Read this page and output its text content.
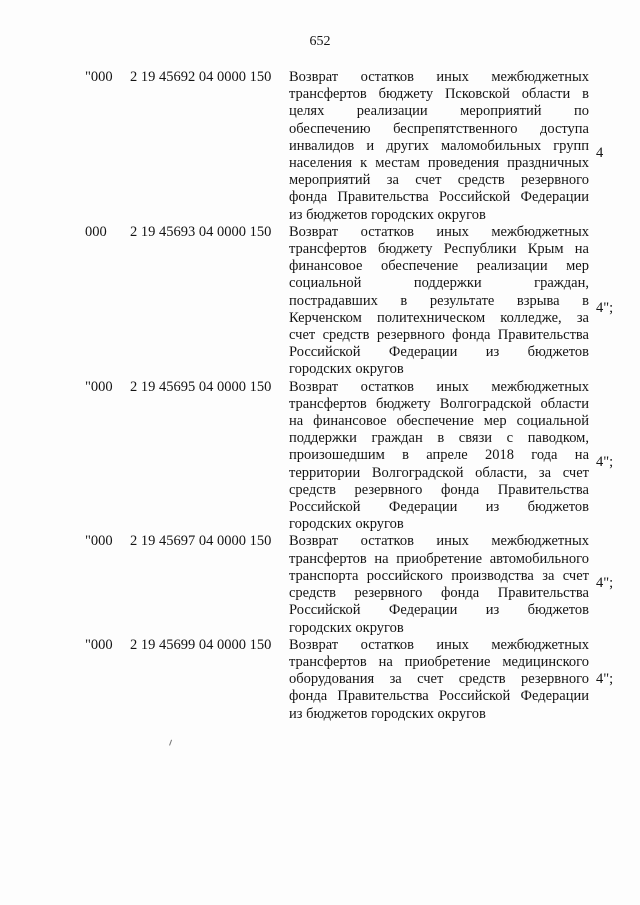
652
"000 2 19 45692 04 0000 150 Возврат остатков иных межбюджетных
трансфертов бюджету Псковской области в
целях реализации мероприятий по
обеспечению беспрепятственного доступа
инвалидов и других маломобильных групп
населения к местам проведения праздничных
мероприятий за счет средств резервного
фонда Правительства Российской Федерации
из бюджетов городских округов
4
000 2 19 45693 04 0000 150 Возврат остатков иных межбюджетных
трансфертов бюджету Республики Крым на
финансовое обеспечение реализации мер
социальной поддержки граждан,
пострадавших в результате взрыва в
Керченском политехническом колледже, за
счет средств резервного фонда Правительства
Российской Федерации из бюджетов
городских округов
4";
"000 2 19 45695 04 0000 150 Возврат остатков иных межбюджетных
трансфертов бюджету Волгоградской области
на финансовое обеспечение мер социальной
поддержки граждан в связи с паводком,
произошедшим в апреле 2018 года на
территории Волгоградской области, за счет
средств резервного фонда Правительства
Российской Федерации из бюджетов
городских округов
4";
"000 2 19 45697 04 0000 150 Возврат остатков иных межбюджетных
трансфертов на приобретение автомобильного
транспорта российского производства за счет
средств резервного фонда Правительства
Российской Федерации из бюджетов
городских округов
4";
"000 2 19 45699 04 0000 150 Возврат остатков иных межбюджетных
трансфертов на приобретение медицинского
оборудования за счет средств резервного
фонда Правительства Российской Федерации
из бюджетов городских округов
4";
